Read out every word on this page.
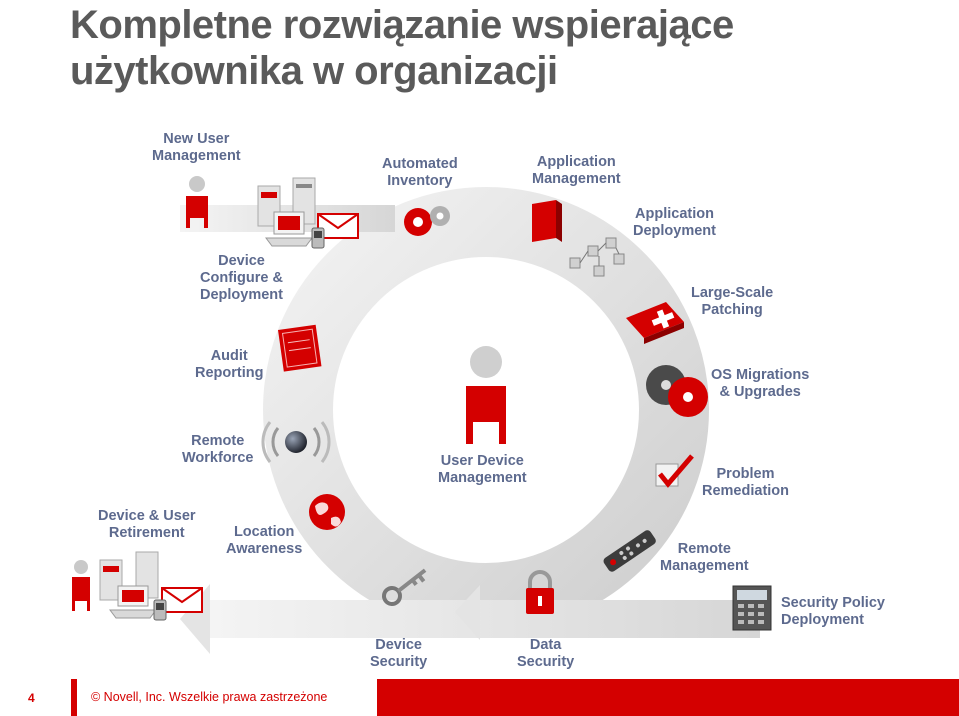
Kompletne rozwiązanie wspierające
użytkownika w organizacji
New User
Management	Automated
Inventory
Application
Management
Application
Deployment
Device
Configure &
Deployment	Large-Scale
Patching
Audit
Reporting	OS Migrations
& Upgrades
Remote
Workforce	User Device
Management	Problem
Remediation
Device & User
Retirement	Location
Awareness	Remote
Management
Security Policy
Deployment
Device
Security
Data
Security
4	© Novell, Inc. Wszelkie prawa zastrzeżone
